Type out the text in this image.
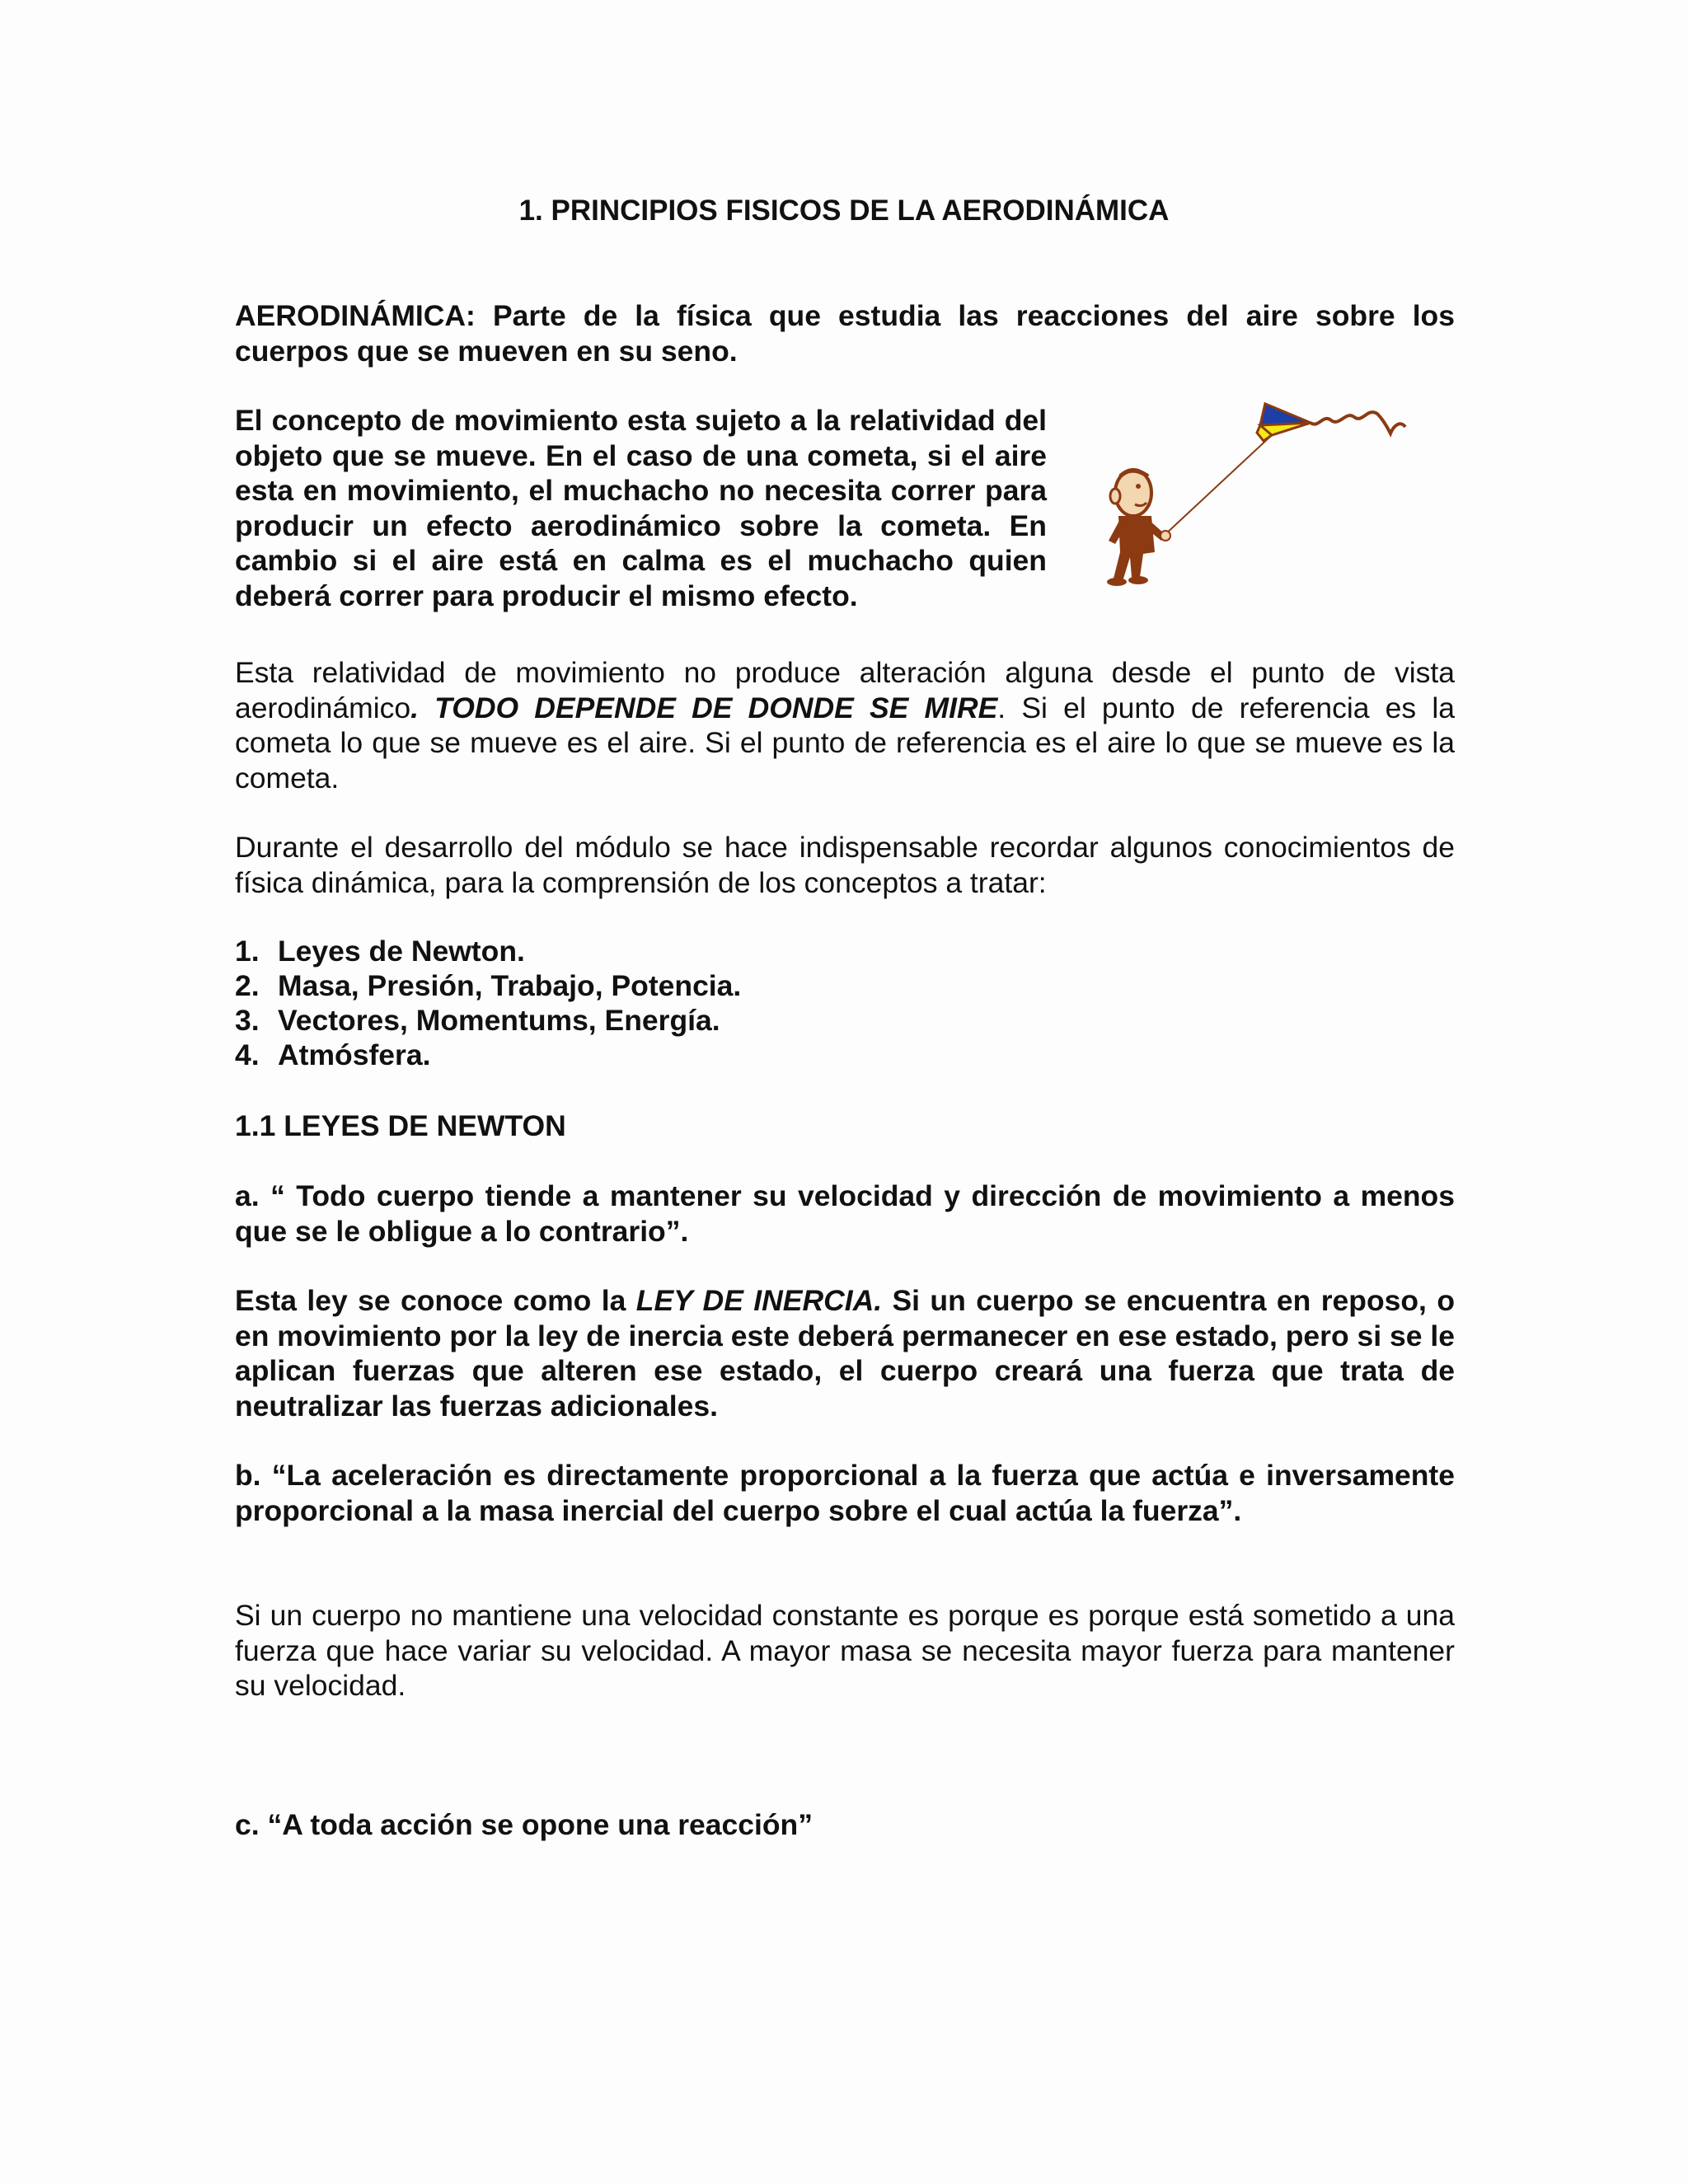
1. PRINCIPIOS FISICOS DE LA AERODINÁMICA

AERODINÁMICA: Parte de la física que estudia las reacciones del aire sobre los cuerpos que se mueven en su seno.

El concepto de movimiento esta sujeto a la relatividad del objeto que se mueve. En el caso de una cometa, si el aire esta en movimiento, el muchacho no necesita correr para producir un efecto aerodinámico sobre la cometa. En cambio si el aire está en calma es el muchacho quien deberá correr para producir el mismo efecto.

Esta relatividad de movimiento no produce alteración alguna desde el punto de vista aerodinámico. TODO DEPENDE DE DONDE SE MIRE. Si el punto de referencia es la cometa lo que se mueve es el aire. Si el punto de referencia es el aire lo que se mueve es la cometa.

Durante el desarrollo del módulo se hace indispensable recordar algunos conocimientos de física dinámica, para la comprensión de los conceptos a tratar:

1. Leyes de Newton.
2. Masa, Presión, Trabajo, Potencia.
3. Vectores, Momentums, Energía.
4. Atmósfera.
1.1 LEYES DE NEWTON

a. “ Todo cuerpo tiende a mantener su velocidad y dirección de movimiento a menos que se le obligue a lo contrario”.

Esta ley se conoce como la LEY DE INERCIA. Si un cuerpo se encuentra en reposo, o en movimiento por la ley de inercia este deberá permanecer en ese estado, pero si se le aplican fuerzas que alteren ese estado, el cuerpo creará una fuerza que trata de neutralizar las fuerzas adicionales.

b. “La aceleración es directamente proporcional a la fuerza que actúa e inversamente proporcional a la masa inercial del cuerpo sobre el cual actúa la fuerza”.

Si un cuerpo no mantiene una velocidad constante es porque es porque está sometido a una fuerza que hace variar su velocidad. A mayor masa se necesita mayor fuerza para mantener su velocidad.

c. “A toda acción se opone una reacción”
